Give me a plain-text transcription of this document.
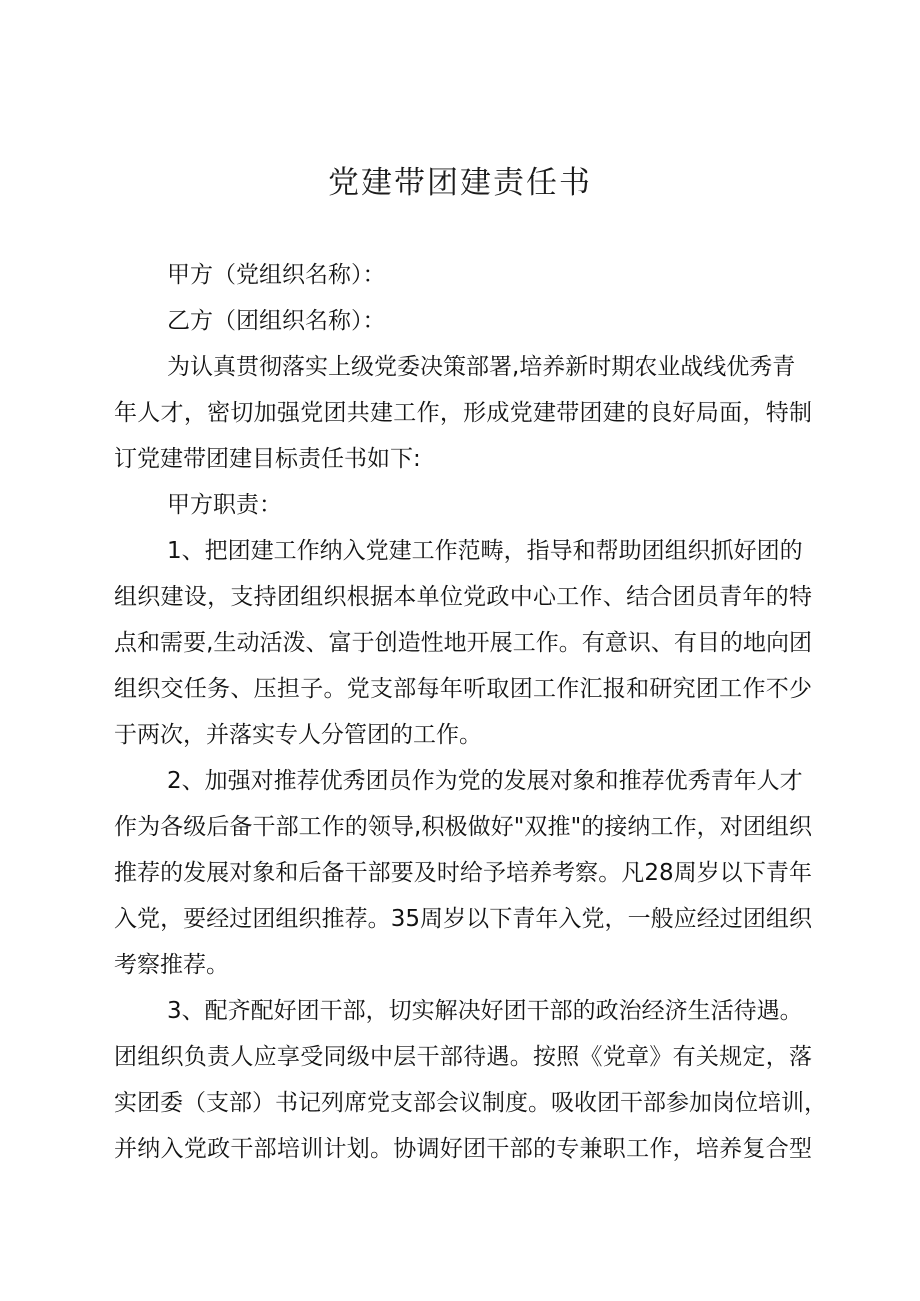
党建带团建责任书
甲方（党组织名称）：
乙方（团组织名称）：
为认真贯彻落实上级党委决策部署,培养新时期农业战线优秀青
年人才，密切加强党团共建工作，形成党建带团建的良好局面，特制
订党建带团建目标责任书如下:
甲方职责：
1、把团建工作纳入党建工作范畴，指导和帮助团组织抓好团的
组织建设，支持团组织根据本单位党政中心工作、结合团员青年的特
点和需要,生动活泼、富于创造性地开展工作。有意识、有目的地向团
组织交任务、压担子。党支部每年听取团工作汇报和研究团工作不少
于两次，并落实专人分管团的工作。
2、加强对推荐优秀团员作为党的发展对象和推荐优秀青年人才
作为各级后备干部工作的领导,积极做好"双推"的接纳工作，对团组织
推荐的发展对象和后备干部要及时给予培养考察。凡28周岁以下青年
入党，要经过团组织推荐。35周岁以下青年入党，一般应经过团组织
考察推荐。
3、配齐配好团干部，切实解决好团干部的政治经济生活待遇。
团组织负责人应享受同级中层干部待遇。按照《党章》有关规定，落
实团委（支部）书记列席党支部会议制度。吸收团干部参加岗位培训，
并纳入党政干部培训计划。协调好团干部的专兼职工作，培养复合型
